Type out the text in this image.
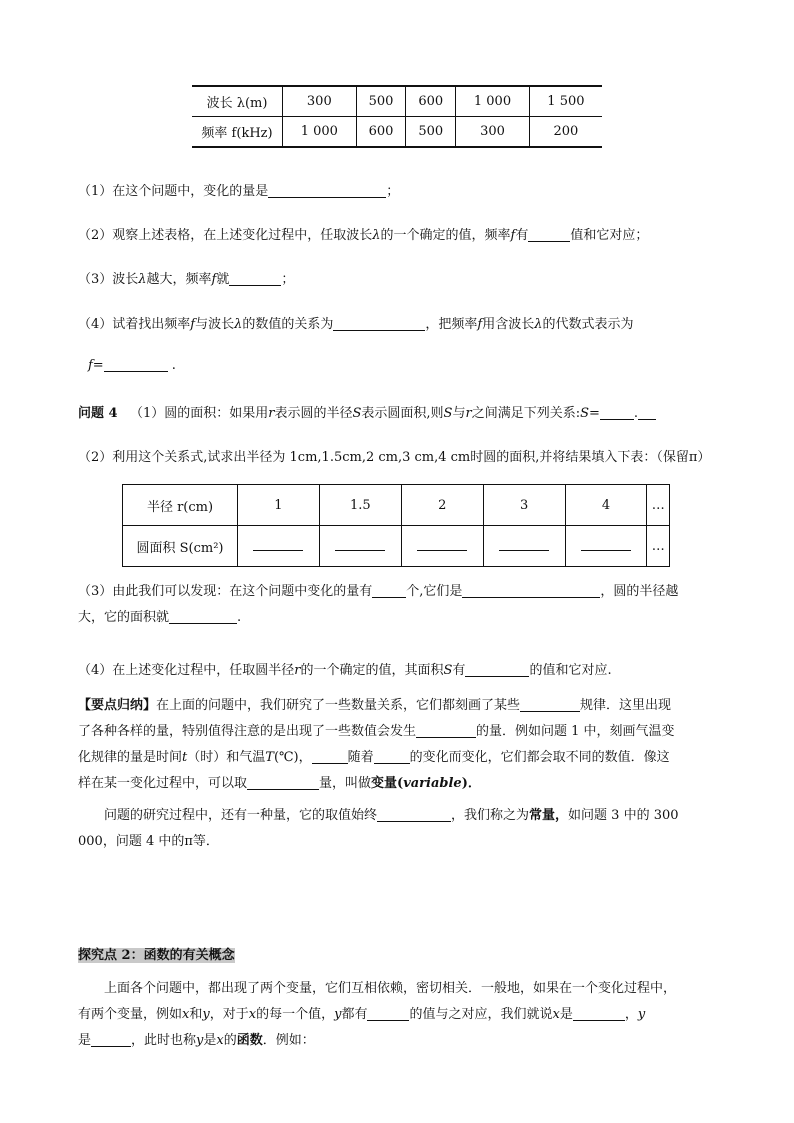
波长 λ(m)	300	500	600	1 000	1 500
频率 f(kHz)	1 000	600	500	300	200
（1）在这个问题中，变化的量是	；
（2）观察上述表格，在上述变化过程中，任取波长λ的一个确定的值，频率f有	值和它对应；
（3）波长λ越大，频率f就	；
（4）试着找出频率f与波长λ的数值的关系为	，把频率f用含波长λ的代数式表示为
f=	.
问题 4 （1）圆的面积：如果用r表示圆的半径S表示圆面积,则S与r之间满足下列关系:S=	.
（2）利用这个关系式,试求出半径为 1cm,1.5cm,2 cm,3 cm,4 cm时圆的面积,并将结果填入下表：（保留π）
半径 r(cm)	1	1.5	2	3	4	…
圆面积 S(cm²)						…
（3）由此我们可以发现：在这个问题中变化的量有	个,它们是	，圆的半径越
大，它的面积就	.
（4）在上述变化过程中，任取圆半径r的一个确定的值，其面积S有	的值和它对应.
【要点归纳】在上面的问题中，我们研究了一些数量关系，它们都刻画了某些	规律．这里出现
了各种各样的量，特别值得注意的是出现了一些数值会发生	的量．例如问题 1 中，刻画气温变
化规律的量是时间t（时）和气温T(℃)，	随着	的变化而变化，它们都会取不同的数值．像这
样在某一变化过程中，可以取	量，叫做变量(variable)．
问题的研究过程中，还有一种量，它的取值始终	，我们称之为常量，如问题 3 中的 300
000，问题 4 中的π等．
探究点 2：函数的有关概念
上面各个问题中，都出现了两个变量，它们互相依赖，密切相关．一般地，如果在一个变化过程中，
有两个变量，例如x和y，对于x的每一个值，y都有	的值与之对应，我们就说x是	，y
是	，此时也称y是x的函数．例如：
